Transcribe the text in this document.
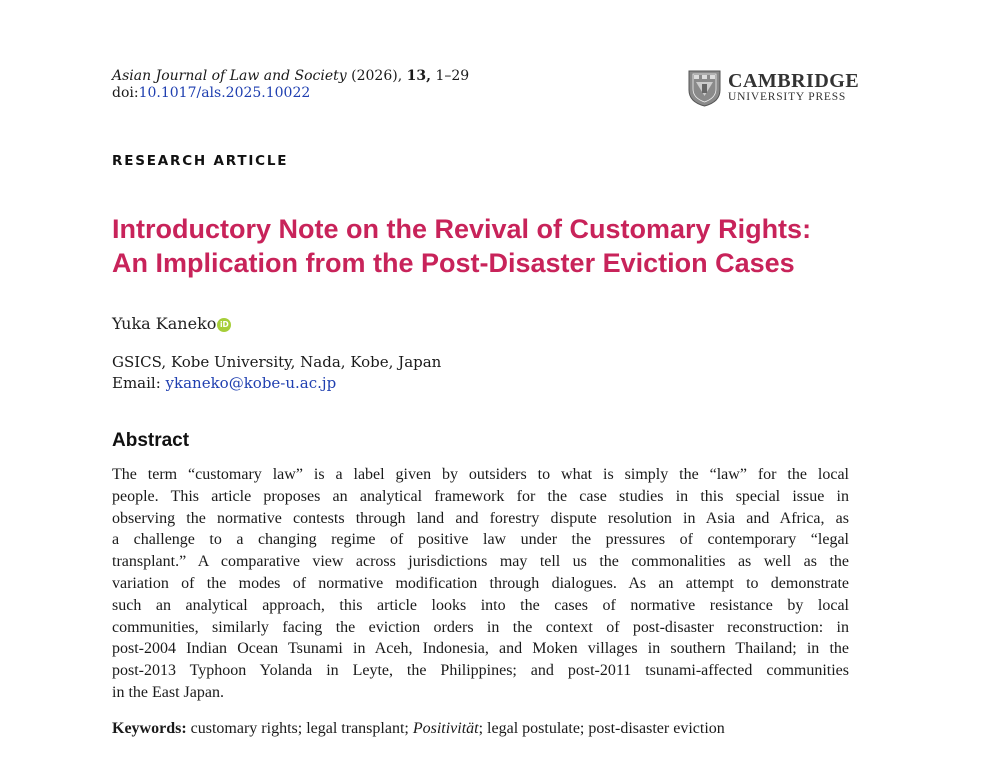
Asian Journal of Law and Society (2026), 13, 1–29
doi:10.1017/als.2025.10022
CAMBRIDGE
UNIVERSITY PRESS
RESEARCH ARTICLE
Introductory Note on the Revival of Customary Rights:
An Implication from the Post-Disaster Eviction Cases
Yuka Kaneko iD
GSICS, Kobe University, Nada, Kobe, Japan
Email: ykaneko@kobe-u.ac.jp
Abstract
The term “customary law” is a label given by outsiders to what is simply the “law” for the local
people. This article proposes an analytical framework for the case studies in this special issue in
observing the normative contests through land and forestry dispute resolution in Asia and Africa, as
a challenge to a changing regime of positive law under the pressures of contemporary “legal
transplant.” A comparative view across jurisdictions may tell us the commonalities as well as the
variation of the modes of normative modification through dialogues. As an attempt to demonstrate
such an analytical approach, this article looks into the cases of normative resistance by local
communities, similarly facing the eviction orders in the context of post-disaster reconstruction: in
post-2004 Indian Ocean Tsunami in Aceh, Indonesia, and Moken villages in southern Thailand; in the
post-2013 Typhoon Yolanda in Leyte, the Philippines; and post-2011 tsunami-affected communities
in the East Japan.
Keywords: customary rights; legal transplant; Positivität; legal postulate; post-disaster eviction
